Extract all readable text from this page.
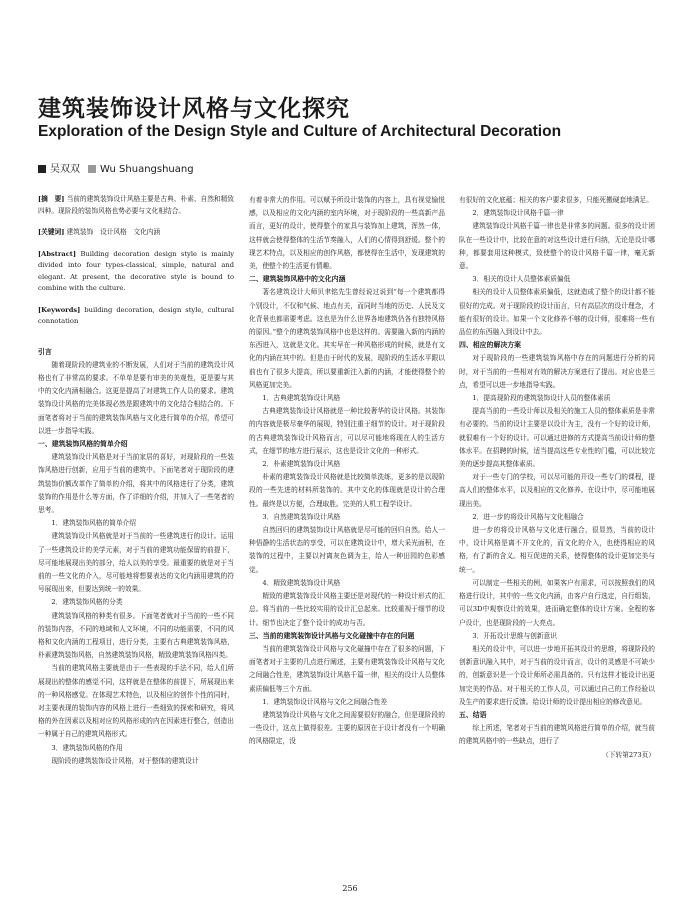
建筑装饰设计风格与文化探究
Exploration of the Design Style and Culture of Architectural Decoration
吴双双 Wu Shuangshuang

[摘　要] 当前的建筑装饰设计风格主要是古典、朴素、自然和精致四种。现阶段的装饰风格也势必要与文化相结合。

[关键词] 建筑装饰　设计风格　文化内涵

[Abstract] Building decoration design style is mainly divided into four types-classical, simple, natural and elegant. At present, the decorative style is bound to combine with the culture.

[Keywords] building decoration, design style, cultural connotation

引言

随着现阶段的建筑业的不断发展，人们对于当前的建筑设计风格也有了非常高的要求。不单单是要有审美的美观性，更是要与其中的文化内涵相融合。这更是提高了对建筑工作人员的要求。建筑装饰设计风格的完美体现必然是跟建筑中的文化结合相结合的。下面笔者将对于当前的建筑装饰风格与文化进行简单的介绍，希望可以进一步指导实践。

一、建筑装饰风格的简单介绍

建筑装饰设计风格是对于当前家居的喜好，对现阶段的一些装饰风格进行创新，应用于当前的建筑中。下面笔者对于现阶段的建筑装饰价额改革作了简单的介绍，将其中的风格进行了分类，建筑装饰的作用是什么等方面，作了详细的介绍，并加入了一些笔者的思考。

1．建筑装饰风格的简单介绍

建筑装饰设计风格就是对于当前的一些建筑进行的设计。运用了一些建筑设计的美学元素，对于当前的建筑功能保留的前提下，尽可能地展现出美的部分，给人以美的享受。最重要的就是对于当前的一些文化的介入，尽可能地将想要表达的文化内涵用建筑的符号展现出来，但要达到统一的效果。

2．建筑装饰风格的分类

建筑装饰风格的种类有很多。下面笔者就对于当前的一些不同的装饰内容，不同的地域和人文环境，不同的功能需要，不同的风格和文化内涵的工程项目，进行分类，主要有古典建筑装饰风格，朴素建筑装饰风格，自然建筑装饰风格，精致建筑装饰风格四类。

当前的建筑风格主要就是由于一些表现的手法不同，给人们所展现出的整体的感觉不同，这样就是在整体的前提下，所展现出来的一种风格感觉。在体现艺术特色，以及相应的创作个性的同时，对主要表现的装饰内容的风格上进行一些细致的探索和研究，将风格的外在因素以及相对应的风格形成的内在因素进行整合，创造出一种属于自己的建筑风格形式。

3．建筑装饰风格的作用

现阶段的建筑装饰设计风格，对于整体的建筑设计

有着非常大的作用。可以赋予所设计装饰的内容上，具有视觉愉悦感，以及相应的文化内涵的室内环境，对于现阶段的一些高新产品而言，更好的设计，使得整个的家具与装饰加上建筑，浑然一体，这样就会使得整体的生活节奏融入，人们的心情得到舒缓。整个的现艺术特点，以及相应的创作风格，都使得在生活中，发现建筑的美，使整个的生活更有情趣。

二、建筑装饰风格中的文化内涵

著名建筑设计大师贝聿铭先生曾经说过说到“每一个建筑都得个别设计，不仅和气候、地点有关，而同时当地的历史、人民及文化背景也都需要考虑。这也是为什么世界各地建筑仍各有独特风格的原因。”整个的建筑装饰风格中也是这样的。需要融入新的内涵的东西进入，这就是文化。其实早在一种风格形成的时候，就是有文化的内涵在其中的。但是由于时代的发展，现阶段的生活水平跟以前也有了很多大提高，所以要重新注入新的内涵，才能使得整个的风格更加完美。

1．古典建筑装饰设计风格

古典建筑装饰设计风格就是一种比较奢华的设计风格。其装饰的内容就是极尽豪华的展现，特别注重于细节的设计。对于现阶段的古典建筑装饰设计风格而言，可以尽可能地将现在人的生活方式，在细节的地方进行展示，这也是设计文化的一种形式。

2．朴素建筑装饰设计风格

朴素的建筑装饰设计风格就是比较简单洗练，更多的是以现阶段的一些先进的材料所装饰的。其中文化的体现就是设计的合理性。最终是以方便，合理取胜。完美的人机工程学设计。

3．自然建筑装饰设计风格

自然回归的建筑装饰设计风格就是尽可能的回归自然。给人一种悟静的生活状态的享受，可以在建筑设计中，增大采光面积，在装饰的过程中，主要以衬离灰色调为主，给人一种田园的色彩感觉。

4．精致建筑装饰设计风格

精致的建筑装饰设计风格主要还是对现代的一种设计形式的汇总。将当前的一些比较实用的设计汇总起来。比较重视于细节的设计。细节也决定了整个设计的成功与否。

三、当前的建筑装饰设计风格与文化碰撞中存在的问题

当前的建筑装饰设计风格与文化碰撞中存在了很多的问题，下面笔者对于主要的几点进行阐述，主要有建筑装饰设计风格与文化之间融合性差，建筑装饰设计风格千篇一律，相关的设计人员整体素质偏低等三个方面。

1．建筑装饰设计风格与文化之间融合性差

建筑装饰设计风格与文化之间需要很好的融合，但是现阶段的一些设计，这点上做得很差。主要的原因在于设计者没有一个明确的风格限定，没

有很好的文化底蕴；相关的客户要求很多，只能死搬硬套地满足。

2．建筑装饰设计风格千篇一律

建筑装饰设计风格千篇一律也是非常多的问题。很多的设计团队在一些设计中，比较在意的对这些设计进行归纳，无论是设计哪种，都要套用这种模式，致使整个的设计风格千篇一律，毫无新意。

3．相关的设计人员整体素质偏低

相关的设计人员整体素质偏低，这就造成了整个的设计都不能很好的完成。对于现阶段的设计而言，只有高层次的设计理念，才能有很好的设计。如果一个文化修养不够的设计师，很难将一些有品位的东西融入到设计中去。

四、相应的解决方案

对于现阶段的一些建筑装饰风格中存在的问题进行分析的同时，对于当前的一些相对有效的解决方案进行了提出。对应也是三点，希望可以进一步地指导实践。

1．提高现阶段的建筑装饰设计人员的整体素质

提高当前的一些设计师以及相关的施工人员的整体素质是非常有必要的。当前的设计主要是以设计为主，没有一个好的设计师，就很难有一个好的设计。可以通过进修的方式提高当前设计师的整体水平。在招聘的时候，适当提高这些专业性的门槛，可以比较完美的逐步提高其整体素质。

对于一些专门的学校，可以尽可能的开设一些专门的课程，提高人们的整体水平，以及相应的文化修养。在设计中，尽可能地展现出美。

2．进一步的将设计风格与文化相融合

进一步的将设计风格与文化进行融合，很显然，当前的设计中，设计风格是离不开文化的，而文化的介入，也使得相应的风格，有了新的含义。相互促进的关系，使得整体的设计更加完美与统一。

可以制定一些相关的例，如果客户有需求，可以按照我们的风格进行设计，其中的一些文化内涵，由客户自行选定，自行组装，可以3D中观察设计的效果，进而确定整体的设计方案。全程的客户设计，也是现阶段的一大亮点。

3．开拓设计思维与创新意识

相关的设计中，可以进一步地开拓其设计的思维，将现阶段的创新意识融入其中，对于当前的设计而言，设计的灵感是不可缺少的，创新意识是一个设计师所必需具备的。只有这样才能设计出更加完美的作品。对于相关的工作人员，可以通过自己的工作经验以及生产的要求进行反馈。给设计师的设计提出相应的修改意见。

五、结语

综上所述，笔者对于当前的建筑风格进行简单的介绍，就当前的建筑风格中的一些缺点，进行了

（下转第273页）

256
